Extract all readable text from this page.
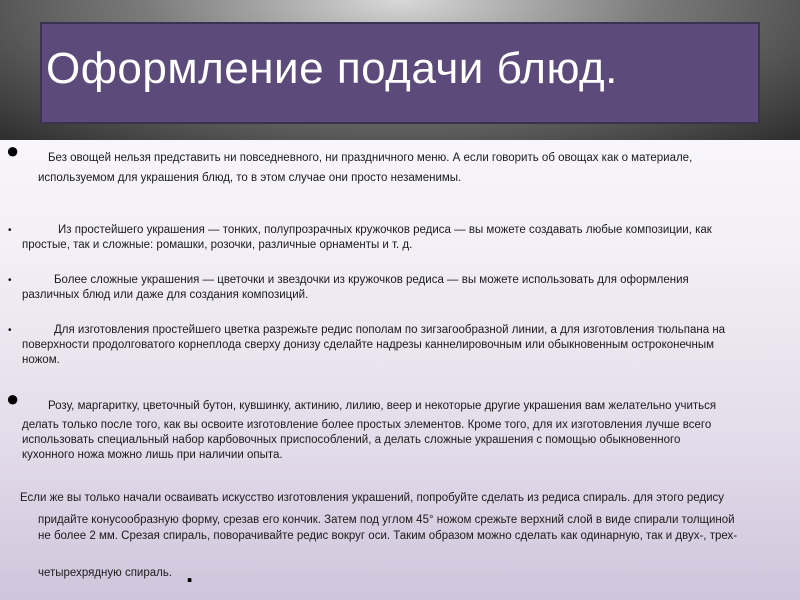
Оформление подачи блюд.
● Без овощей нельзя представить ни повседневного, ни праздничного меню. А если говорить об овощах как о материале,
используемом для украшения блюд, то в этом случае они просто незаменимы.
•	Из простейшего украшения — тонких, полупрозрачных кружочков редиса — вы можете создавать любые композиции, как
простые, так и сложные: ромашки, розочки, различные орнаменты и т. д.
•	Более сложные украшения — цветочки и звездочки из кружочков редиса — вы можете использовать для оформления
различных блюд или даже для создания композиций.
•	Для изготовления простейшего цветка разрежьте редис пополам по зигзагообразной линии, а для изготовления тюльпана на
поверхности продолговатого корнеплода сверху донизу сделайте надрезы каннелировочным или обыкновенным остроконечным
ножом.
● Розу, маргаритку, цветочный бутон, кувшинку, актинию, лилию, веер и некоторые другие украшения вам желательно учиться
делать только после того, как вы освоите изготовление более простых элементов. Кроме того, для их изготовления лучше всего
использовать специальный набор карбовочных приспособлений, а делать сложные украшения с помощью обыкновенного
кухонного ножа можно лишь при наличии опыта.
Если же вы только начали осваивать искусство изготовления украшений, попробуйте сделать из редиса спираль. для этого редису
придайте конусообразную форму, срезав его кончик. Затем под углом 45° ножом срежьте верхний слой в виде спирали толщиной
не более 2 мм. Срезая спираль, поворачивайте редис вокруг оси. Таким образом можно сделать как одинарную, так и двух-, трех-
четырехрядную спираль. .
